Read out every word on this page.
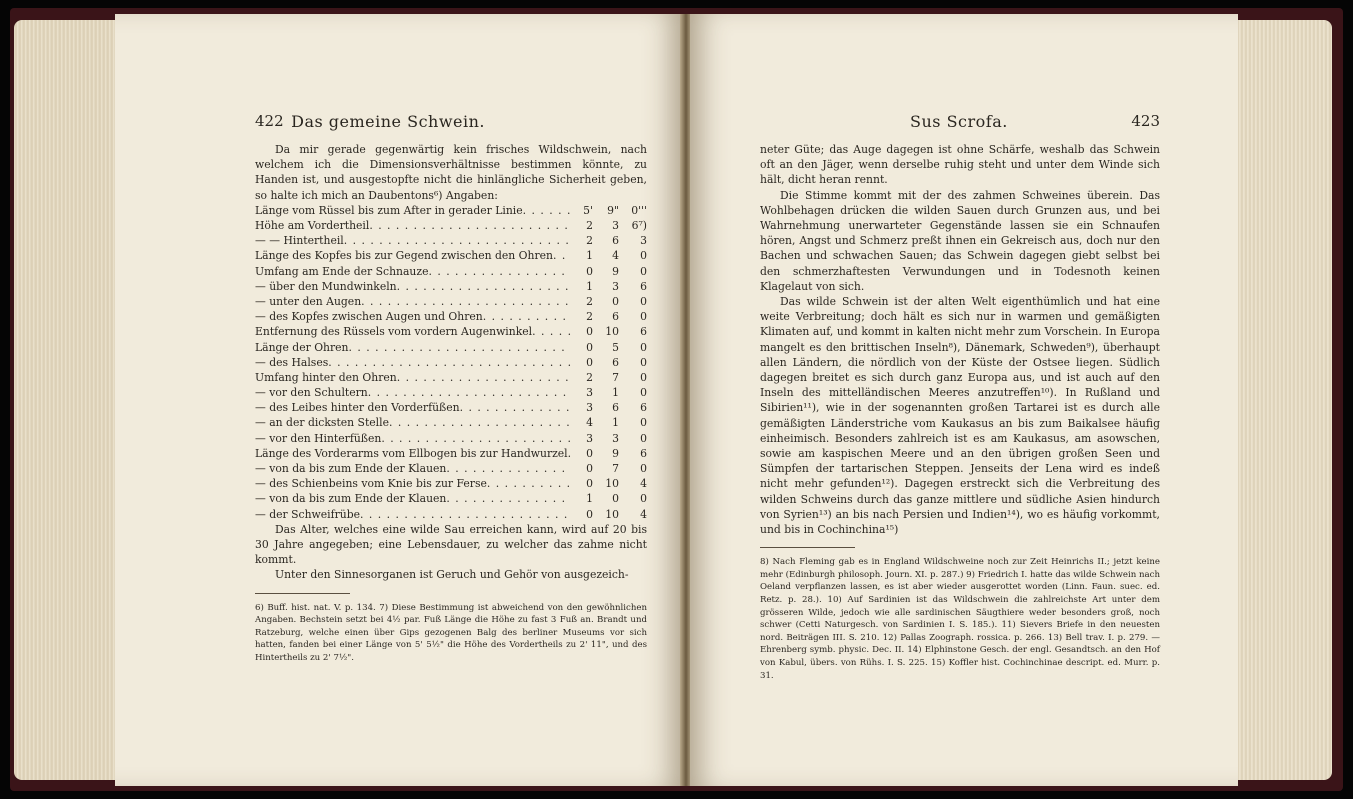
422 Das gemeine Schwein.

Da mir gerade gegenwärtig kein frisches Wildschwein, nach welchem ich die Dimensionsverhältnisse bestimmen könnte, zu Handen ist, und ausgestopfte nicht die hinlängliche Sicherheit geben, so halte ich mich an Daubentons⁶) Angaben:

Länge vom Rüssel bis zum After in gerader Linie . . .	5'	9"	0'''
Höhe am Vordertheil . . .	2	3	6⁷)
— — Hintertheil . . .	2	6	3
Länge des Kopfes bis zur Gegend zwischen den Ohren . . .	1	4	0
Umfang am Ende der Schnauze . . .	0	9	0
— über den Mundwinkeln . . .	1	3	6
— unter den Augen . . .	2	0	0
— des Kopfes zwischen Augen und Ohren . . .	2	6	0
Entfernung des Rüssels vom vordern Augenwinkel . . .	0	10	6
Länge der Ohren . . .	0	5	0
— des Halses . . .	0	6	0
Umfang hinter den Ohren . . .	2	7	0
— vor den Schultern . . .	3	1	0
— des Leibes hinter den Vorderfüßen . . .	3	6	6
— an der dicksten Stelle . . .	4	1	0
— vor den Hinterfüßen . . .	3	3	0
Länge des Vorderarms vom Ellbogen bis zur Handwurzel . . .	0	9	6
— von da bis zum Ende der Klauen . . .	0	7	0
— des Schienbeins vom Knie bis zur Ferse . . .	0	10	4
— von da bis zum Ende der Klauen . . .	1	0	0
— der Schweifrübe . . .	0	10	4

Das Alter, welches eine wilde Sau erreichen kann, wird auf 20 bis 30 Jahre angegeben; eine Lebensdauer, zu welcher das zahme nicht kommt.

Unter den Sinnesorganen ist Geruch und Gehör von ausgezeich-

6) Buff. hist. nat. V. p. 134. 7) Diese Bestimmung ist abweichend von den gewöhnlichen Angaben. Bechstein setzt bei 4½ par. Fuß Länge die Höhe zu fast 3 Fuß an. Brandt und Ratzeburg, welche einen über Gips gezogenen Balg des berliner Museums vor sich hatten, fanden bei einer Länge von 5' 5½" die Höhe des Vordertheils zu 2' 11", und des Hintertheils zu 2' 7½".

Sus Scrofa.	423

neter Güte; das Auge dagegen ist ohne Schärfe, weshalb das Schwein oft an den Jäger, wenn derselbe ruhig steht und unter dem Winde sich hält, dicht heran rennt.

Die Stimme kommt mit der des zahmen Schweines überein. Das Wohlbehagen drücken die wilden Sauen durch Grunzen aus, und bei Wahrnehmung unerwarteter Gegenstände lassen sie ein Schnaufen hören, Angst und Schmerz preßt ihnen ein Gekreisch aus, doch nur den Bachen und schwachen Sauen; das Schwein dagegen giebt selbst bei den schmerzhaftesten Verwundungen und in Todesnoth keinen Klagelaut von sich.

Das wilde Schwein ist der alten Welt eigenthümlich und hat eine weite Verbreitung; doch hält es sich nur in warmen und gemäßigten Klimaten auf, und kommt in kalten nicht mehr zum Vorschein. In Europa mangelt es den brittischen Inseln⁸), Dänemark, Schweden⁹), überhaupt allen Ländern, die nördlich von der Küste der Ostsee liegen. Südlich dagegen breitet es sich durch ganz Europa aus, und ist auch auf den Inseln des mittelländischen Meeres anzutreffen¹⁰). In Rußland und Sibirien¹¹), wie in der sogenannten großen Tartarei ist es durch alle gemäßigten Länderstriche vom Kaukasus an bis zum Baikalsee häufig einheimisch. Besonders zahlreich ist es am Kaukasus, am asowschen, sowie am kaspischen Meere und an den übrigen großen Seen und Sümpfen der tartarischen Steppen. Jenseits der Lena wird es indeß nicht mehr gefunden¹²). Dagegen erstreckt sich die Verbreitung des wilden Schweins durch das ganze mittlere und südliche Asien hindurch von Syrien¹³) an bis nach Persien und Indien¹⁴), wo es häufig vorkommt, und bis in Cochinchina¹⁵)

8) Nach Fleming gab es in England Wildschweine noch zur Zeit Heinrichs II.; jetzt keine mehr (Edinburgh philosoph. Journ. XI. p. 287.) 9) Friedrich I. hatte das wilde Schwein nach Oeland verpflanzen lassen, es ist aber wieder ausgerottet worden (Linn. Faun. suec. ed. Retz. p. 28.). 10) Auf Sardinien ist das Wildschwein die zahlreichste Art unter dem grösseren Wilde, jedoch wie alle sardinischen Säugthiere weder besonders groß, noch schwer (Cetti Naturgesch. von Sardinien I. S. 185.). 11) Sievers Briefe in den neuesten nord. Beiträgen III. S. 210. 12) Pallas Zoograph. rossica. p. 266. 13) Bell trav. I. p. 279. — Ehrenberg symb. physic. Dec. II. 14) Elphinstone Gesch. der engl. Gesandtsch. an den Hof von Kabul, übers. von Rühs. I. S. 225. 15) Koffler hist. Cochinchinae descript. ed. Murr. p. 31.
